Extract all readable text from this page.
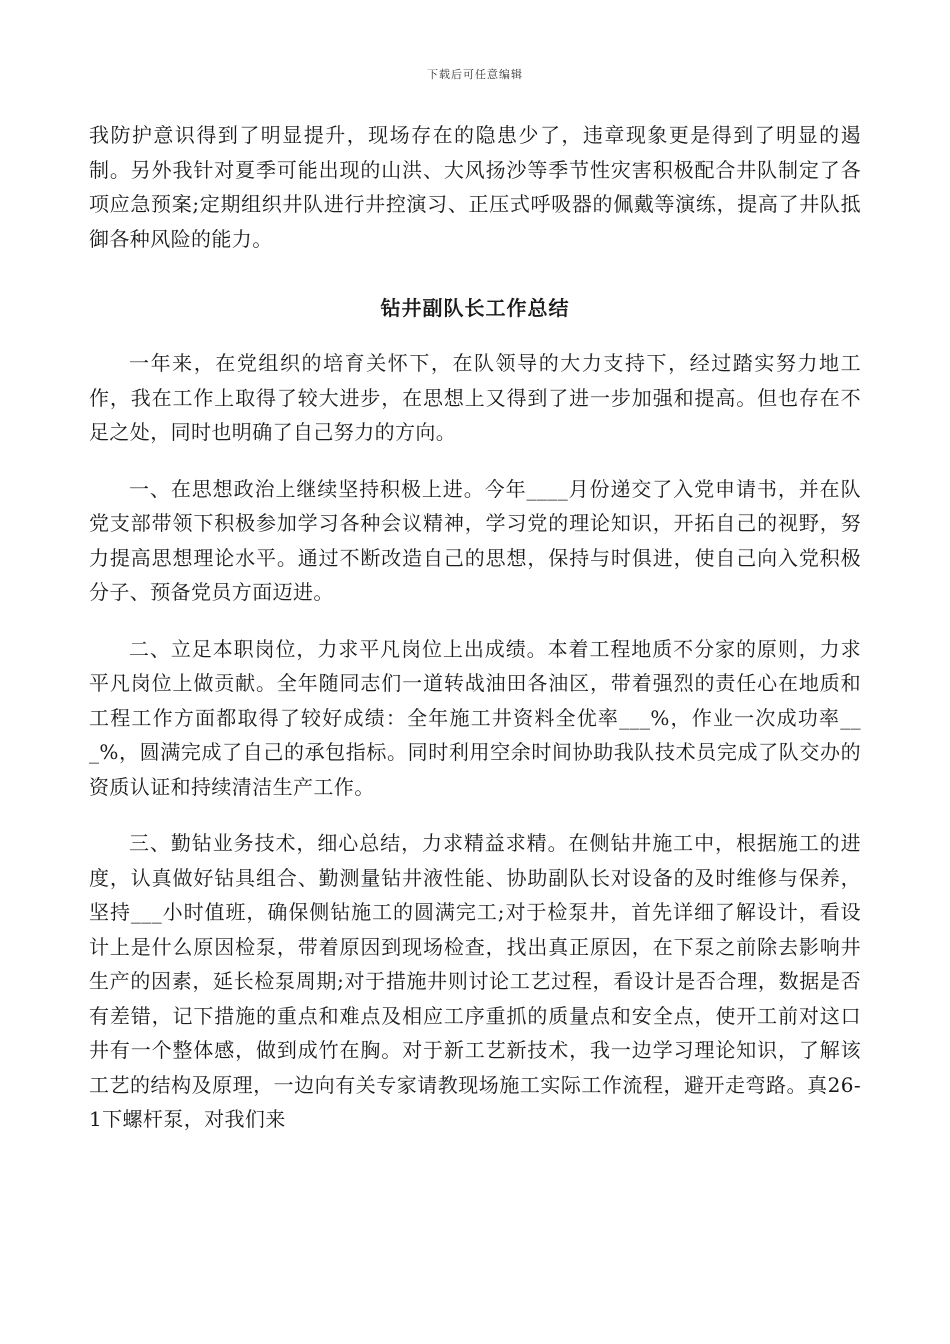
下载后可任意编辑

我防护意识得到了明显提升，现场存在的隐患少了，违章现象更是得到了明显的遏制。另外我针对夏季可能出现的山洪、大风扬沙等季节性灾害积极配合井队制定了各项应急预案;定期组织井队进行井控演习、正压式呼吸器的佩戴等演练，提高了井队抵御各种风险的能力。

钻井副队长工作总结

一年来，在党组织的培育关怀下，在队领导的大力支持下，经过踏实努力地工作，我在工作上取得了较大进步，在思想上又得到了进一步加强和提高。但也存在不足之处，同时也明确了自己努力的方向。

一、在思想政治上继续坚持积极上进。今年____月份递交了入党申请书，并在队党支部带领下积极参加学习各种会议精神，学习党的理论知识，开拓自己的视野，努力提高思想理论水平。通过不断改造自己的思想，保持与时俱进，使自己向入党积极分子、预备党员方面迈进。

二、立足本职岗位，力求平凡岗位上出成绩。本着工程地质不分家的原则，力求平凡岗位上做贡献。全年随同志们一道转战油田各油区，带着强烈的责任心在地质和工程工作方面都取得了较好成绩：全年施工井资料全优率___%，作业一次成功率___%，圆满完成了自己的承包指标。同时利用空余时间协助我队技术员完成了队交办的资质认证和持续清洁生产工作。

三、勤钻业务技术，细心总结，力求精益求精。在侧钻井施工中，根据施工的进度，认真做好钻具组合、勤测量钻井液性能、协助副队长对设备的及时维修与保养，坚持___小时值班，确保侧钻施工的圆满完工;对于检泵井，首先详细了解设计，看设计上是什么原因检泵，带着原因到现场检查，找出真正原因，在下泵之前除去影响井生产的因素，延长检泵周期;对于措施井则讨论工艺过程，看设计是否合理，数据是否有差错，记下措施的重点和难点及相应工序重抓的质量点和安全点，使开工前对这口井有一个整体感，做到成竹在胸。对于新工艺新技术，我一边学习理论知识，了解该工艺的结构及原理，一边向有关专家请教现场施工实际工作流程，避开走弯路。真26-1下螺杆泵，对我们来
